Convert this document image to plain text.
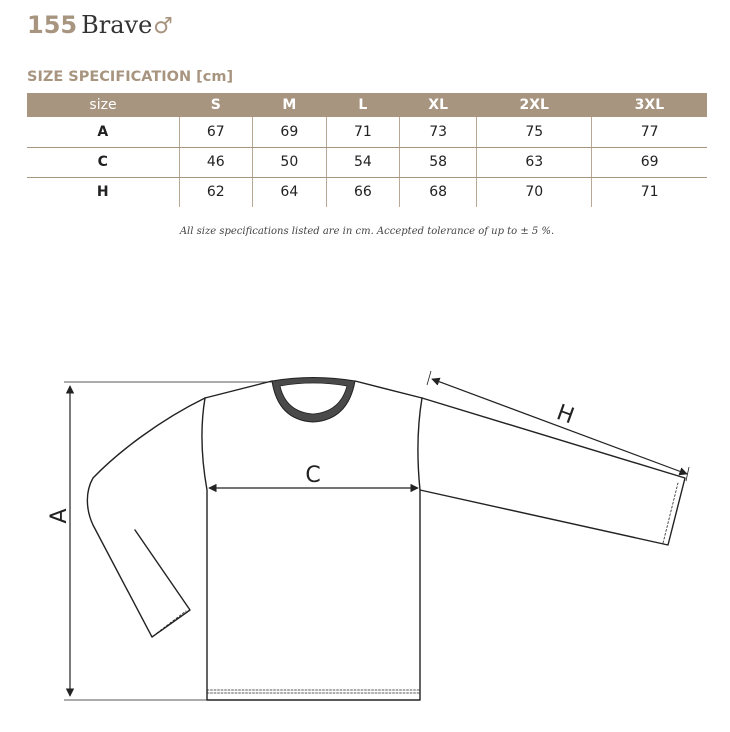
155 Brave♂
SIZE SPECIFICATION [cm]
size	S	M	L	XL	2XL	3XL
A	67	69	71	73	75	77
C	46	50	54	58	63	69
H	62	64	66	68	70	71
All size specifications listed are in cm. Accepted tolerance of up to ± 5 %.
A
C
H
